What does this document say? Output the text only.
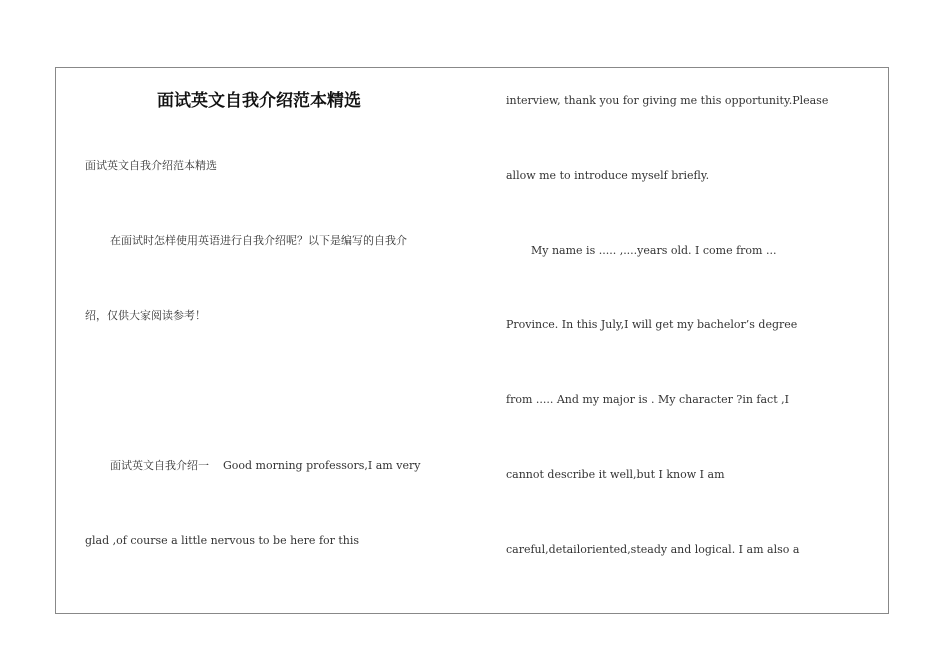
面试英文自我介绍范本精选
面试英文自我介绍范本精选
在面试时怎样使用英语进行自我介绍呢？以下是编写的自我介
绍，仅供大家阅读参考！
面试英文自我介绍一    Good morning professors,I am very
glad ,of course a little nervous to be here for this
interview, thank you for giving me this opportunity.Please
allow me to introduce myself briefly.
My name is ..... ,....years old. I come from ...
Province. In this July,I will get my bachelor’s degree
from ..... And my major is . My character ?in fact ,I
cannot describe it well,but I know I am
careful,detailoriented,steady and logical. I am also a
